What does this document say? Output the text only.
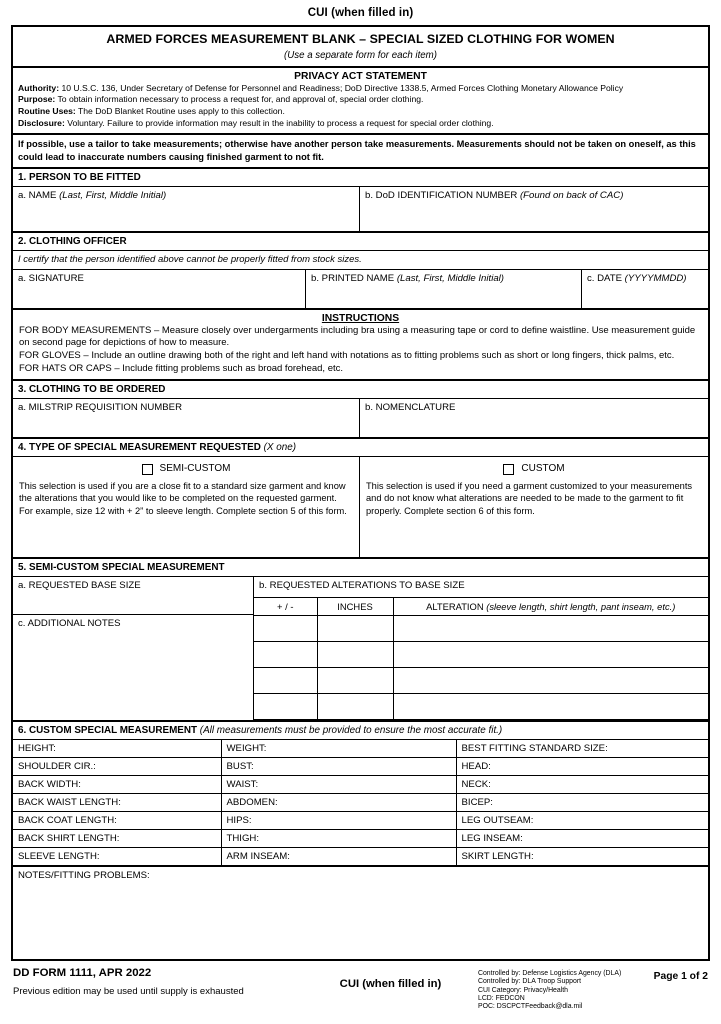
CUI (when filled in)
ARMED FORCES MEASUREMENT BLANK – SPECIAL SIZED CLOTHING FOR WOMEN
(Use a separate form for each item)
PRIVACY ACT STATEMENT
Authority: 10 U.S.C. 136, Under Secretary of Defense for Personnel and Readiness; DoD Directive 1338.5, Armed Forces Clothing Monetary Allowance Policy
Purpose: To obtain information necessary to process a request for, and approval of, special order clothing.
Routine Uses: The DoD Blanket Routine uses apply to this collection.
Disclosure: Voluntary. Failure to provide information may result in the inability to process a request for special order clothing.
If possible, use a tailor to take measurements; otherwise have another person take measurements. Measurements should not be taken on oneself, as this could lead to inaccurate numbers causing finished garment to not fit.
1. PERSON TO BE FITTED
a. NAME (Last, First, Middle Initial)	b. DoD IDENTIFICATION NUMBER (Found on back of CAC)
2. CLOTHING OFFICER
I certify that the person identified above cannot be properly fitted from stock sizes.
a. SIGNATURE	b. PRINTED NAME (Last, First, Middle Initial)	c. DATE (YYYYMMDD)
INSTRUCTIONS
FOR BODY MEASUREMENTS – Measure closely over undergarments including bra using a measuring tape or cord to define waistline. Use measurement guide on second page for depictions of how to measure.
FOR GLOVES – Include an outline drawing both of the right and left hand with notations as to fitting problems such as short or long fingers, thick palms, etc.
FOR HATS OR CAPS – Include fitting problems such as broad forehead, etc.
3. CLOTHING TO BE ORDERED
a. MILSTRIP REQUISITION NUMBER	b. NOMENCLATURE
4. TYPE OF SPECIAL MEASUREMENT REQUESTED (X one)
SEMI-CUSTOM
This selection is used if you are a close fit to a standard size garment and know the alterations that you would like to be completed on the requested garment. For example, size 12 with + 2” to sleeve length. Complete section 5 of this form.
CUSTOM
This selection is used if you need a garment customized to your measurements and do not know what alterations are needed to be made to the garment to fit properly. Complete section 6 of this form.
5. SEMI-CUSTOM SPECIAL MEASUREMENT
a. REQUESTED BASE SIZE
c. ADDITIONAL NOTES
b. REQUESTED ALTERATIONS TO BASE SIZE
+ / -	INCHES	ALTERATION (sleeve length, shirt length, pant inseam, etc.)

6. CUSTOM SPECIAL MEASUREMENT (All measurements must be provided to ensure the most accurate fit.)
HEIGHT:	WEIGHT:	BEST FITTING STANDARD SIZE:
SHOULDER CIR.:	BUST:	HEAD:
BACK WIDTH:	WAIST:	NECK:
BACK WAIST LENGTH:	ABDOMEN:	BICEP:
BACK COAT LENGTH:	HIPS:	LEG OUTSEAM:
BACK SHIRT LENGTH:	THIGH:	LEG INSEAM:
SLEEVE LENGTH:	ARM INSEAM:	SKIRT LENGTH:
NOTES/FITTING PROBLEMS:
DD FORM 1111, APR 2022
Previous edition may be used until supply is exhausted
CUI (when filled in)
Controlled by: Defense Logistics Agency (DLA)
Controlled by: DLA Troop Support
CUI Category: Privacy/Health
LCD: FEDCON
POC: DSCPCTFeedback@dla.mil
Page 1 of 2
